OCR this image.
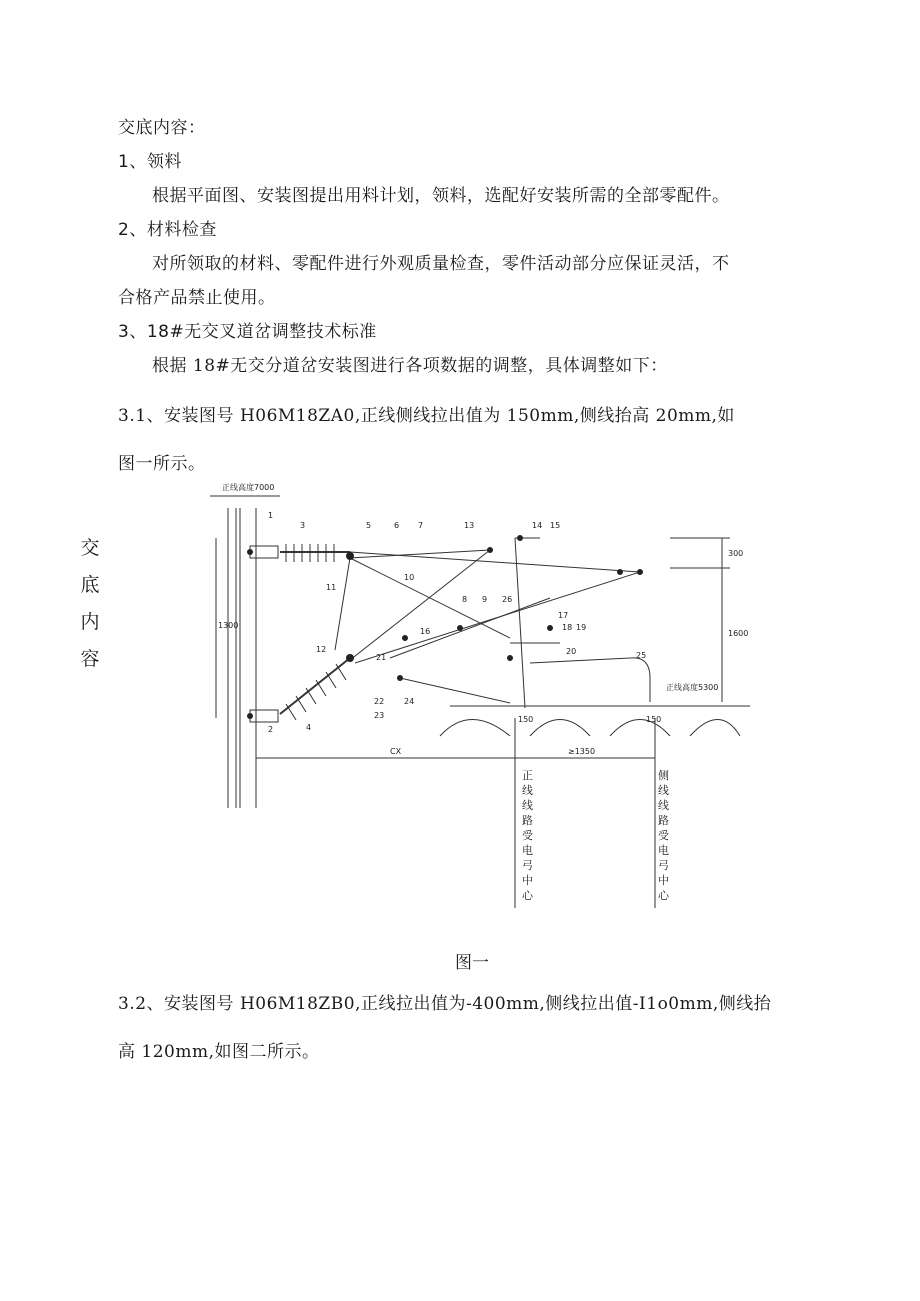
交底内容：
1、领料
根据平面图、安装图提出用料计划，领料，选配好安装所需的全部零配件。
2、材料检查
对所领取的材料、零配件进行外观质量检查，零件活动部分应保证灵活，不
合格产品禁止使用。
3、18#无交叉道岔调整技术标准
根据 18#无交分道岔安装图进行各项数据的调整，具体调整如下：
3.1、安装图号 H06M18ZA0,正线侧线拉出值为 150mm,侧线抬高 20mm,如
图一所示。
交底内容
正线高度7000
正线高度5300
300
1600
1300
CX	≥1350
150	150
1
2
3
4
5	6 7
8 9
10
11
12
13	14 15
16
17
18 19
20
21
22
23
24
25
26
正线线路受电弓中心
侧线线路受电弓中心
图一
3.2、安装图号 H06M18ZB0,正线拉出值为-400mm,侧线拉出值-I1o0mm,侧线抬
高 120mm,如图二所示。
